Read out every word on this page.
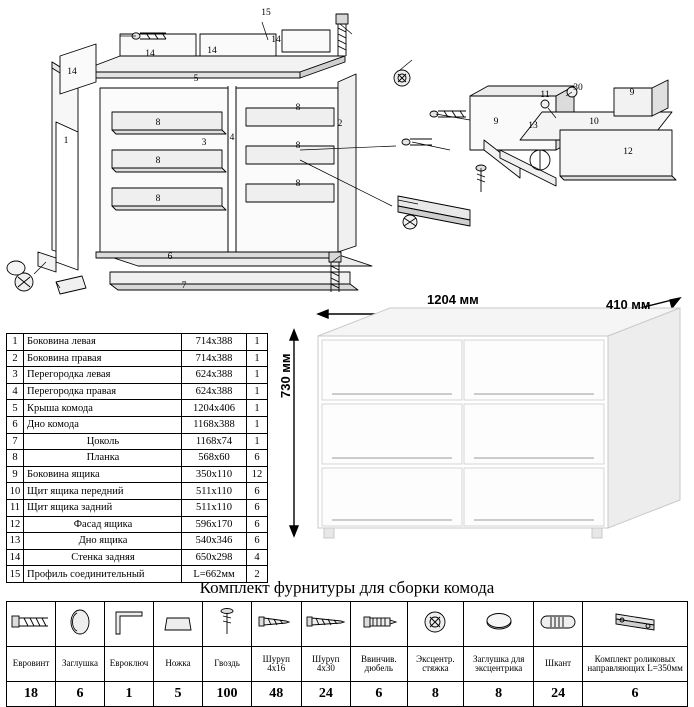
15
14
14	14
14
5
8
8
8
8
8
8
3 4
2
1
6
7
9
9
11
30
13	10
12
1	Боковина левая	714x388	1
2	Боковина правая	714x388	1
3	Перегородка левая	624x388	1
4	Перегородка правая	624x388	1
5	Крыша комода	1204x406	1
6	Дно комода	1168x388	1
7	Цоколь	1168x74	1
8	Планка	568x60	6
9	Боковина ящика	350x110	12
10	Щит ящика передний	511x110	6
11	Щит ящика задний	511x110	6
12	Фасад ящика	596x170	6
13	Дно ящика	540x346	6
14	Стенка задняя	650x298	4
15	Профиль соединительный	L=662мм	2
1204 мм	410 мм
730 мм
Комплект фурнитуры для сборки комода

Евровинт	Заглушка	Евроключ	Ножка	Гвоздь	Шуруп 4x16	Шуруп 4x30	Ввинчив. дюбель	Эксцентр. стяжка	Заглушка для эксцентрика	Шкант	Комплект роликовых направляющих L=350мм
18	6	1	5	100	48	24	6	8	8	24	6
